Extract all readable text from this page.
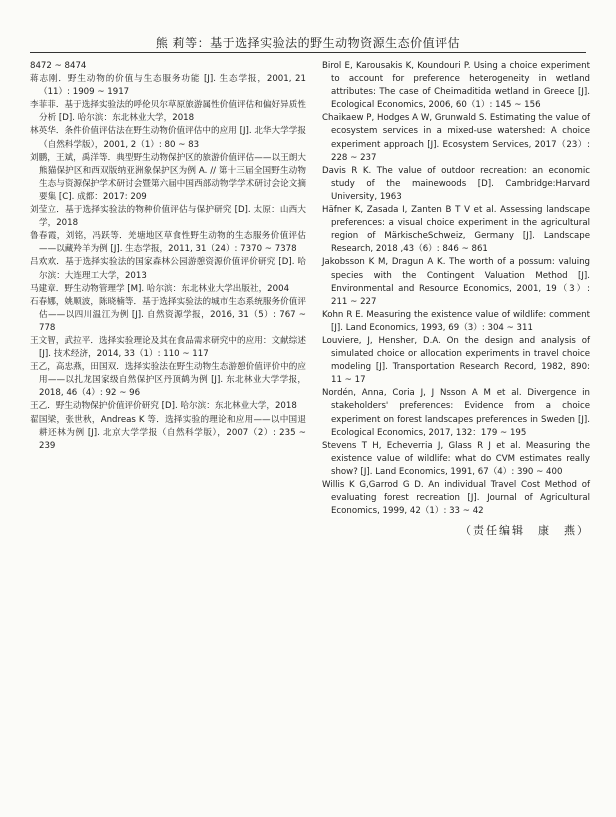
熊 莉等：基于选择实验法的野生动物资源生态价值评估

8472 ~ 8474

蒋志刚．野生动物的价值与生态服务功能 [J]. 生态学报，2001, 21（11）: 1909 ~ 1917

李菲菲．基于选择实验法的呼伦贝尔草原旅游属性价值评估和偏好异质性分析 [D]. 哈尔滨：东北林业大学，2018

林英华．条件价值评估法在野生动物价值评估中的应用 [J]. 北华大学学报（自然科学版），2001, 2（1）: 80 ~ 83

刘鹏，王斌，禹洋等．典型野生动物保护区的旅游价值评估——以王朗大熊猫保护区和西双版纳亚洲象保护区为例 A. // 第十三届全国野生动物生态与资源保护学术研讨会暨第六届中国西部动物学学术研讨会论文摘要集 [C]. 成都：2017: 209

刘莹立．基于选择实验法的物种价值评估与保护研究 [D]. 太原：山西大学，2018

鲁春霞，刘铭，冯跃等．羌塘地区草食性野生动物的生态服务价值评估——以藏羚羊为例 [J]. 生态学报，2011, 31（24）: 7370 ~ 7378

吕欢欢．基于选择实验法的国家森林公园游憩资源价值评价研究 [D]. 哈尔滨：大连理工大学，2013

马建章．野生动物管理学 [M]. 哈尔滨：东北林业大学出版社，2004

石春娜，姚顺波，陈晓楠等．基于选择实验法的城市生态系统服务价值评估——以四川温江为例 [J]. 自然资源学报，2016, 31（5）: 767 ~ 778

王文智，武拉平．选择实验理论及其在食品需求研究中的应用：文献综述 [J]. 技术经济，2014, 33（1）: 110 ~ 117

王乙，高忠燕，田国双．选择实验法在野生动物生态游憩价值评价中的应用——以扎龙国家级自然保护区丹顶鹤为例 [J]. 东北林业大学学报，2018, 46（4）: 92 ~ 96

王乙．野生动物保护价值评价研究 [D]. 哈尔滨：东北林业大学，2018

翟国梁，张世秋，Andreas K 等．选择实验的理论和应用——以中国退耕还林为例 [J]. 北京大学学报（自然科学版），2007（2）: 235 ~ 239

Birol E, Karousakis K, Koundouri P. Using a choice experiment to account for preference heterogeneity in wetland attributes: The case of Cheimaditida wetland in Greece [J]. Ecological Economics, 2006, 60（1）: 145 ~ 156

Chaikaew P, Hodges A W, Grunwald S. Estimating the value of ecosystem services in a mixed-use watershed: A choice experiment approach [J]. Ecosystem Services, 2017（23）: 228 ~ 237

Davis R K. The value of outdoor recreation: an economic study of the mainewoods [D]. Cambridge:Harvard University, 1963

Häfner K, Zasada I, Zanten B T V et al. Assessing landscape preferences: a visual choice experiment in the agricultural region of MärkischeSchweiz, Germany [J]. Landscape Research, 2018 ,43（6）: 846 ~ 861

Jakobsson K M, Dragun A K. The worth of a possum: valuing species with the Contingent Valuation Method [J]. Environmental and Resource Economics, 2001, 19（3）: 211 ~ 227

Kohn R E. Measuring the existence value of wildlife: comment [J]. Land Economics, 1993, 69（3）: 304 ~ 311

Louviere, J, Hensher, D.A. On the design and analysis of simulated choice or allocation experiments in travel choice modeling [J]. Transportation Research Record, 1982, 890: 11 ~ 17

Nordén, Anna, Coria J, J Nsson A M et al. Divergence in stakeholders' preferences: Evidence from a choice experiment on forest landscapes preferences in Sweden [J]. Ecological Economics, 2017, 132：179 ~ 195

Stevens T H, Echeverria J, Glass R J et al. Measuring the existence value of wildlife: what do CVM estimates really show? [J]. Land Economics, 1991, 67（4）: 390 ~ 400

Willis K G,Garrod G D. An individual Travel Cost Method of evaluating forest recreation [J]. Journal of Agricultural Economics, 1999, 42（1）: 33 ~ 42

（责任编辑　康　燕）
